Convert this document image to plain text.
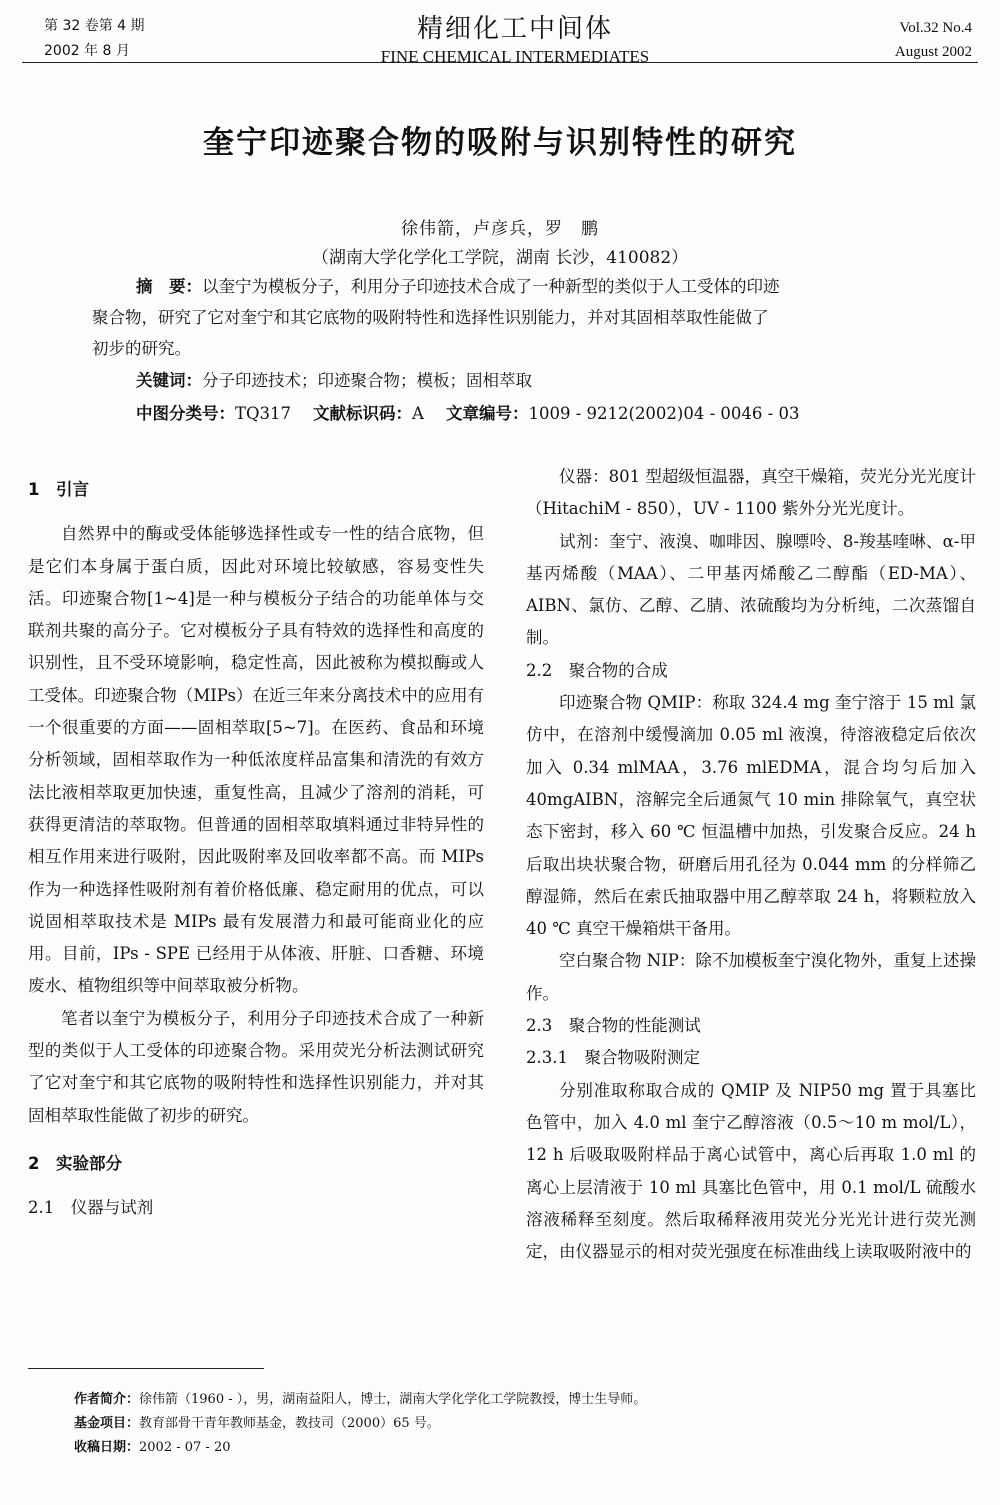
第 32 卷第 4 期
2002 年 8 月
精细化工中间体
FINE CHEMICAL INTERMEDIATES
Vol.32 No.4
August 2002
奎宁印迹聚合物的吸附与识别特性的研究
徐伟箭，卢彦兵，罗　鹏
（湖南大学化学化工学院，湖南 长沙，410082）
摘　要：以奎宁为模板分子，利用分子印迹技术合成了一种新型的类似于人工受体的印迹
聚合物，研究了它对奎宁和其它底物的吸附特性和选择性识别能力，并对其固相萃取性能做了
初步的研究。
关键词：分子印迹技术；印迹聚合物；模板；固相萃取
中图分类号：TQ317 文献标识码：A 文章编号：1009 - 9212(2002)04 - 0046 - 03
1　引言

自然界中的酶或受体能够选择性或专一性的结合底物，但是它们本身属于蛋白质，因此对环境比较敏感，容易变性失活。印迹聚合物[1~4]是一种与模板分子结合的功能单体与交联剂共聚的高分子。它对模板分子具有特效的选择性和高度的识别性，且不受环境影响，稳定性高，因此被称为模拟酶或人工受体。印迹聚合物（MIPs）在近三年来分离技术中的应用有一个很重要的方面——固相萃取[5~7]。在医药、食品和环境分析领域，固相萃取作为一种低浓度样品富集和清洗的有效方法比液相萃取更加快速，重复性高，且减少了溶剂的消耗，可获得更清洁的萃取物。但普通的固相萃取填料通过非特异性的相互作用来进行吸附，因此吸附率及回收率都不高。而 MIPs 作为一种选择性吸附剂有着价格低廉、稳定耐用的优点，可以说固相萃取技术是 MIPs 最有发展潜力和最可能商业化的应用。目前，IPs - SPE 已经用于从体液、肝脏、口香糖、环境废水、植物组织等中间萃取被分析物。

笔者以奎宁为模板分子，利用分子印迹技术合成了一种新型的类似于人工受体的印迹聚合物。采用荧光分析法测试研究了它对奎宁和其它底物的吸附特性和选择性识别能力，并对其固相萃取性能做了初步的研究。

2　实验部分
2.1　仪器与试剂

仪器：801 型超级恒温器，真空干燥箱，荧光分光光度计（HitachiM - 850），UV - 1100 紫外分光光度计。

试剂：奎宁、液溴、咖啡因、腺嘌呤、8-羧基喹啉、α-甲基丙烯酸（MAA）、二甲基丙烯酸乙二醇酯（ED-MA）、AIBN、氯仿、乙醇、乙腈、浓硫酸均为分析纯，二次蒸馏自制。

2.2　聚合物的合成

印迹聚合物 QMIP：称取 324.4 mg 奎宁溶于 15 ml 氯仿中，在溶剂中缓慢滴加 0.05 ml 液溴，待溶液稳定后依次加入 0.34 mlMAA，3.76 mlEDMA，混合均匀后加入 40mgAIBN，溶解完全后通氮气 10 min 排除氧气，真空状态下密封，移入 60 ℃ 恒温槽中加热，引发聚合反应。24 h 后取出块状聚合物，研磨后用孔径为 0.044 mm 的分样筛乙醇湿筛，然后在索氏抽取器中用乙醇萃取 24 h，将颗粒放入 40 ℃ 真空干燥箱烘干备用。

空白聚合物 NIP：除不加模板奎宁溴化物外，重复上述操作。

2.3　聚合物的性能测试
2.3.1　聚合物吸附测定

分别准取称取合成的 QMIP 及 NIP50 mg 置于具塞比色管中，加入 4.0 ml 奎宁乙醇溶液（0.5～10 m mol/L），12 h 后吸取吸附样品于离心试管中，离心后再取 1.0 ml 的离心上层清液于 10 ml 具塞比色管中，用 0.1 mol/L 硫酸水溶液稀释至刻度。然后取稀释液用荧光分光光计进行荧光测定，由仪器显示的相对荧光强度在标准曲线上读取吸附液中的

作者简介：徐伟箭（1960 - ），男，湖南益阳人，博士，湖南大学化学化工学院教授，博士生导师。
基金项目：教育部骨干青年教师基金，教技司（2000）65 号。
收稿日期：2002 - 07 - 20
